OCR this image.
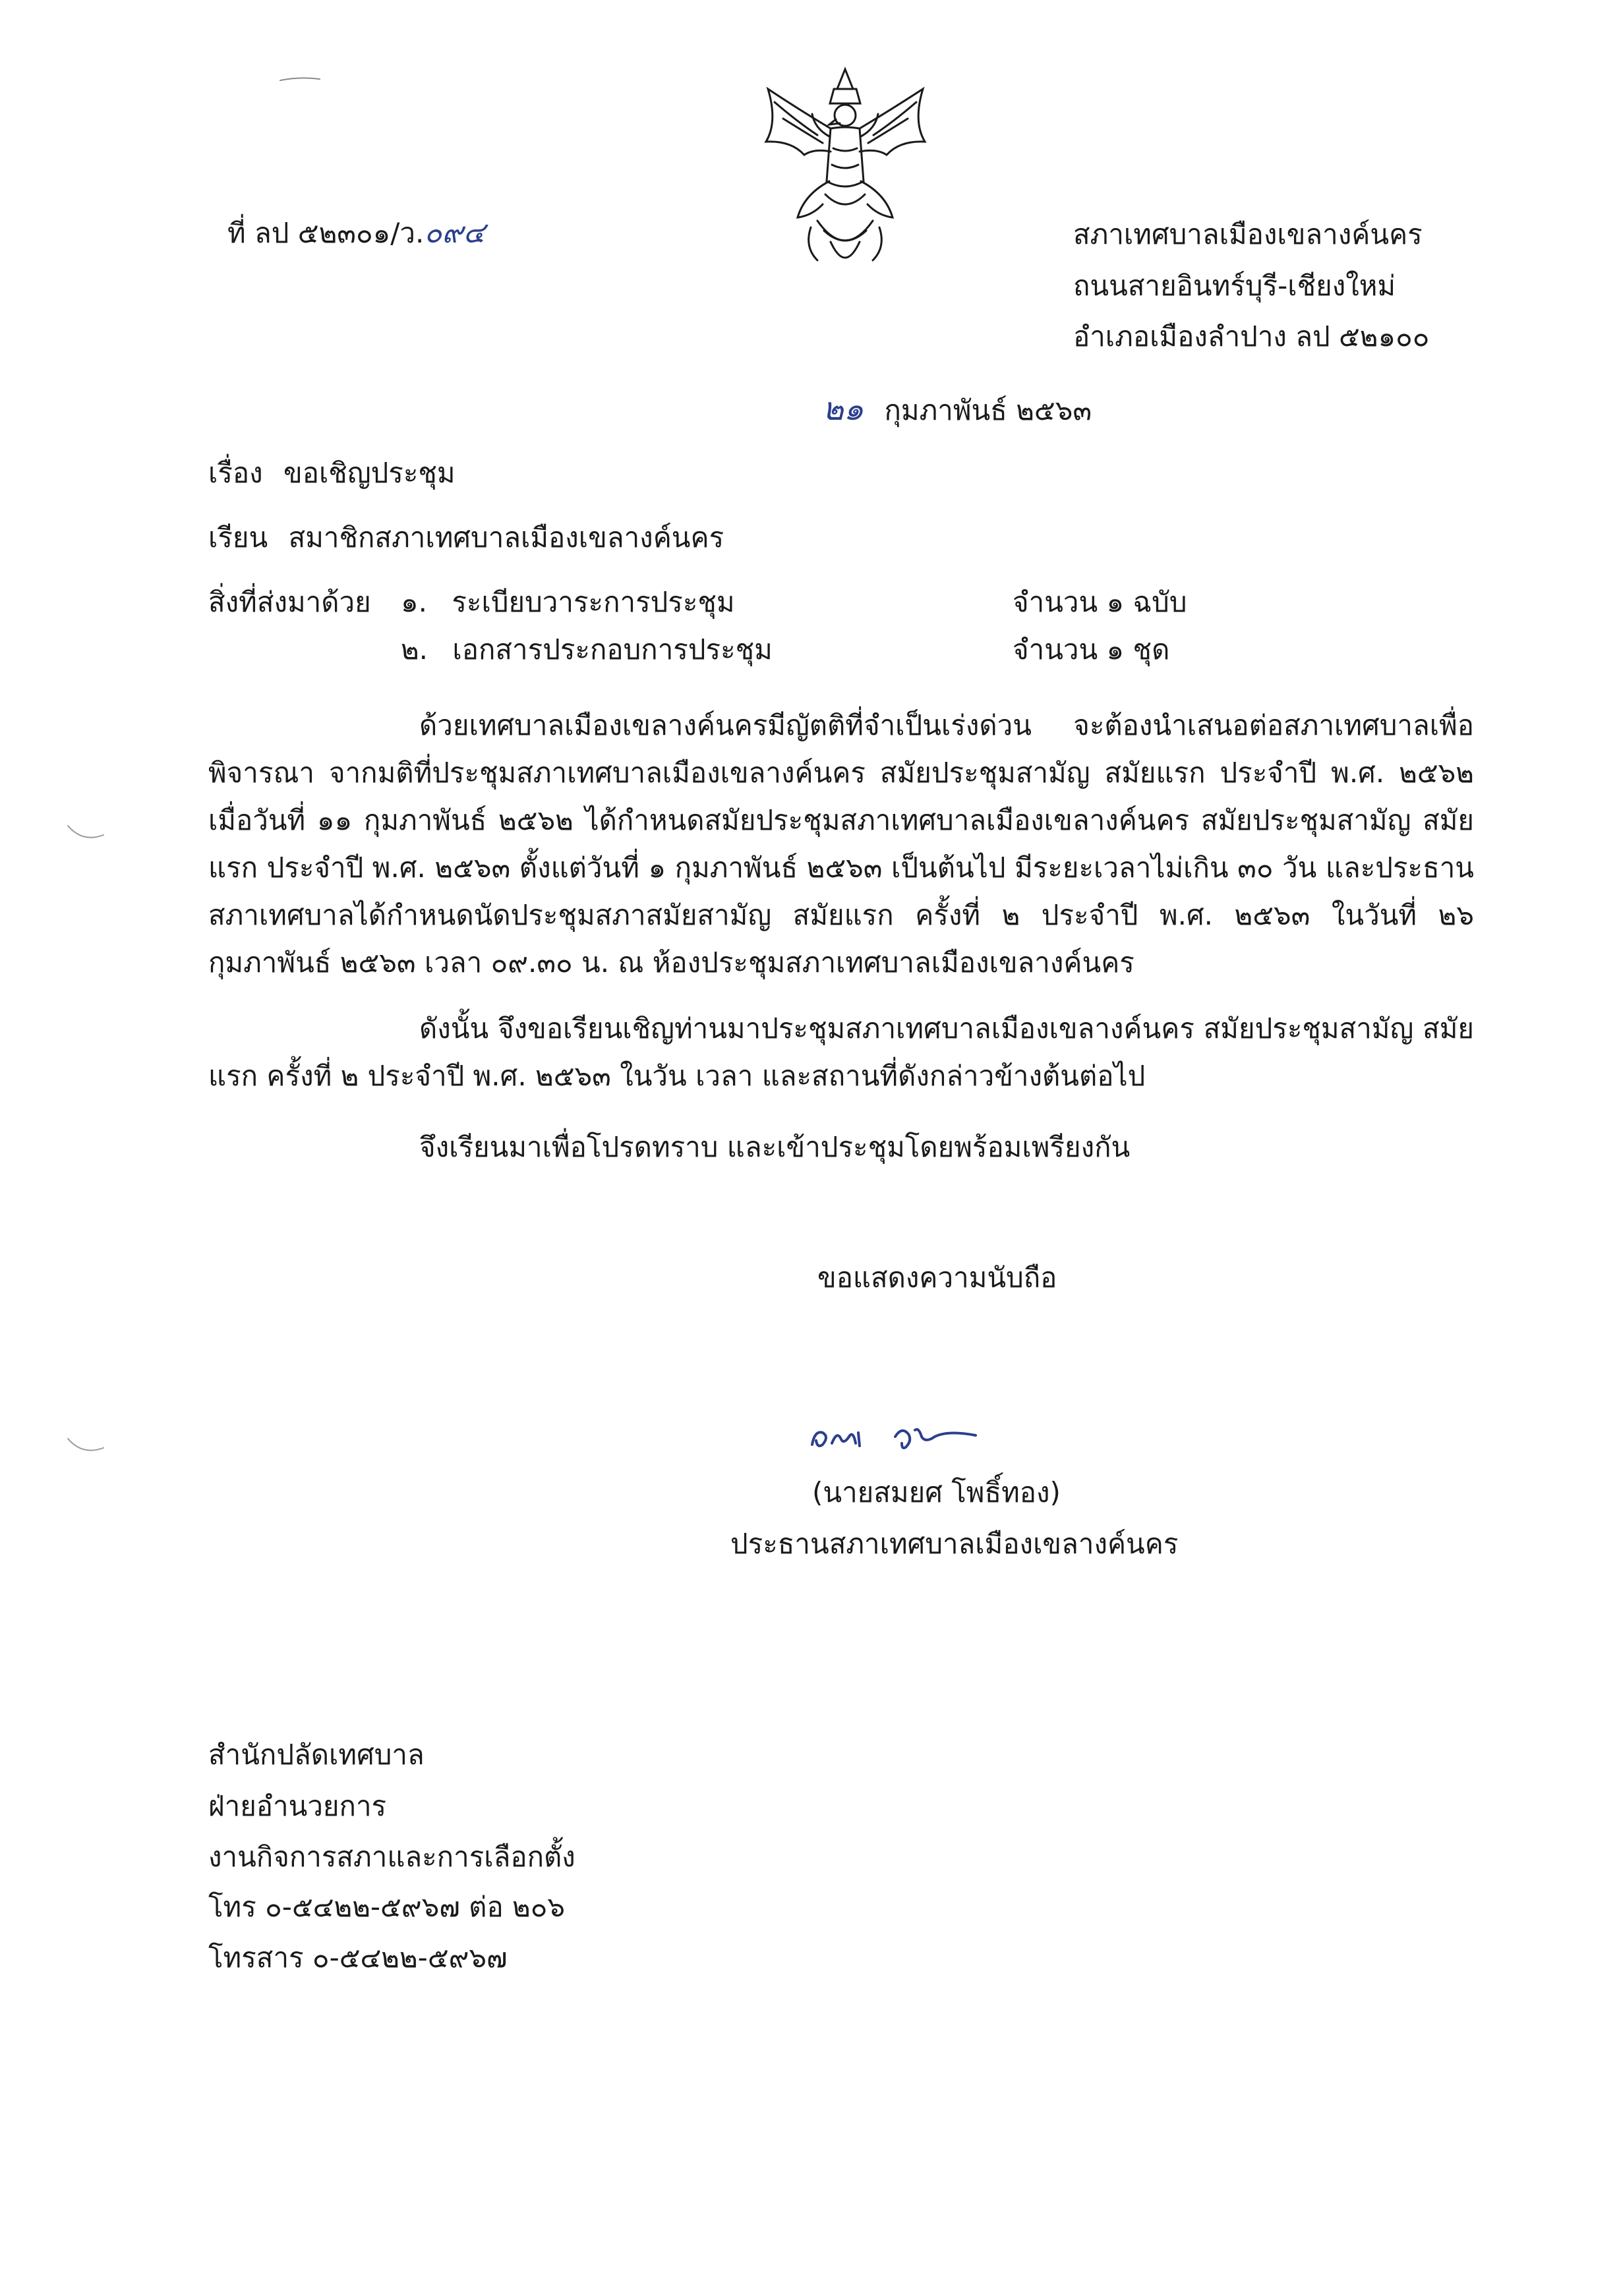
ที่ ลป ๕๒๓๐๑/ว.๐๙๔	สภาเทศบาลเมืองเขลางค์นคร
ถนนสายอินทร์บุรี-เชียงใหม่
อำเภอเมืองลำปาง ลป ๕๒๑๐๐
๒๑ กุมภาพันธ์ ๒๕๖๓
เรื่อง ขอเชิญประชุม
เรียน สมาชิกสภาเทศบาลเมืองเขลางค์นคร
สิ่งที่ส่งมาด้วย ๑. ระเบียบวาระการประชุม	จำนวน ๑ ฉบับ
๒. เอกสารประกอบการประชุม	จำนวน ๑ ชุด
ด้วยเทศบาลเมืองเขลางค์นครมีญัตติที่จำเป็นเร่งด่วน จะต้องนำเสนอต่อสภาเทศบาลเพื่อพิจารณา จากมติที่ประชุมสภาเทศบาลเมืองเขลางค์นคร สมัยประชุมสามัญ สมัยแรก ประจำปี พ.ศ. ๒๕๖๒ เมื่อวันที่ ๑๑ กุมภาพันธ์ ๒๕๖๒ ได้กำหนดสมัยประชุมสภาเทศบาลเมืองเขลางค์นคร สมัยประชุมสามัญ สมัยแรก ประจำปี พ.ศ. ๒๕๖๓ ตั้งแต่วันที่ ๑ กุมภาพันธ์ ๒๕๖๓ เป็นต้นไป มีระยะเวลาไม่เกิน ๓๐ วัน และประธานสภาเทศบาลได้กำหนดนัดประชุมสภาสมัยสามัญ สมัยแรก ครั้งที่ ๒ ประจำปี พ.ศ. ๒๕๖๓ ในวันที่ ๒๖ กุมภาพันธ์ ๒๕๖๓ เวลา ๐๙.๓๐ น. ณ ห้องประชุมสภาเทศบาลเมืองเขลางค์นคร
ดังนั้น จึงขอเรียนเชิญท่านมาประชุมสภาเทศบาลเมืองเขลางค์นคร สมัยประชุมสามัญ สมัยแรก ครั้งที่ ๒ ประจำปี พ.ศ. ๒๕๖๓ ในวัน เวลา และสถานที่ดังกล่าวข้างต้นต่อไป
จึงเรียนมาเพื่อโปรดทราบ และเข้าประชุมโดยพร้อมเพรียงกัน
ขอแสดงความนับถือ
(นายสมยศ โพธิ์ทอง)
ประธานสภาเทศบาลเมืองเขลางค์นคร
สำนักปลัดเทศบาล
ฝ่ายอำนวยการ
งานกิจการสภาและการเลือกตั้ง
โทร ๐-๕๔๒๒-๕๙๖๗ ต่อ ๒๐๖
โทรสาร ๐-๕๔๒๒-๕๙๖๗
